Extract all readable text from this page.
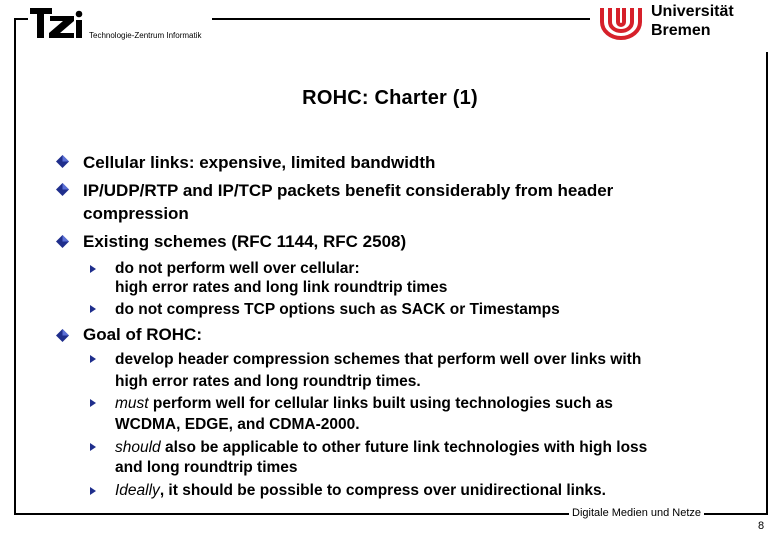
Technologie-Zentrum Informatik
Universität
Bremen
ROHC: Charter (1)
Cellular links: expensive, limited bandwidth
IP/UDP/RTP and IP/TCP packets benefit considerably from header
compression
Existing schemes (RFC 1144, RFC 2508)
Goal of ROHC:
do not perform well over cellular:
high error rates and long link roundtrip times
do not compress TCP options such as SACK or Timestamps
develop header compression schemes that perform well over links with
high error rates and long roundtrip times.
must perform well for cellular links built using technologies such as
WCDMA, EDGE, and CDMA-2000.
should also be applicable to other future link technologies with high loss
and long roundtrip times
Ideally, it should be possible to compress over unidirectional links.
Digitale Medien und Netze
8
